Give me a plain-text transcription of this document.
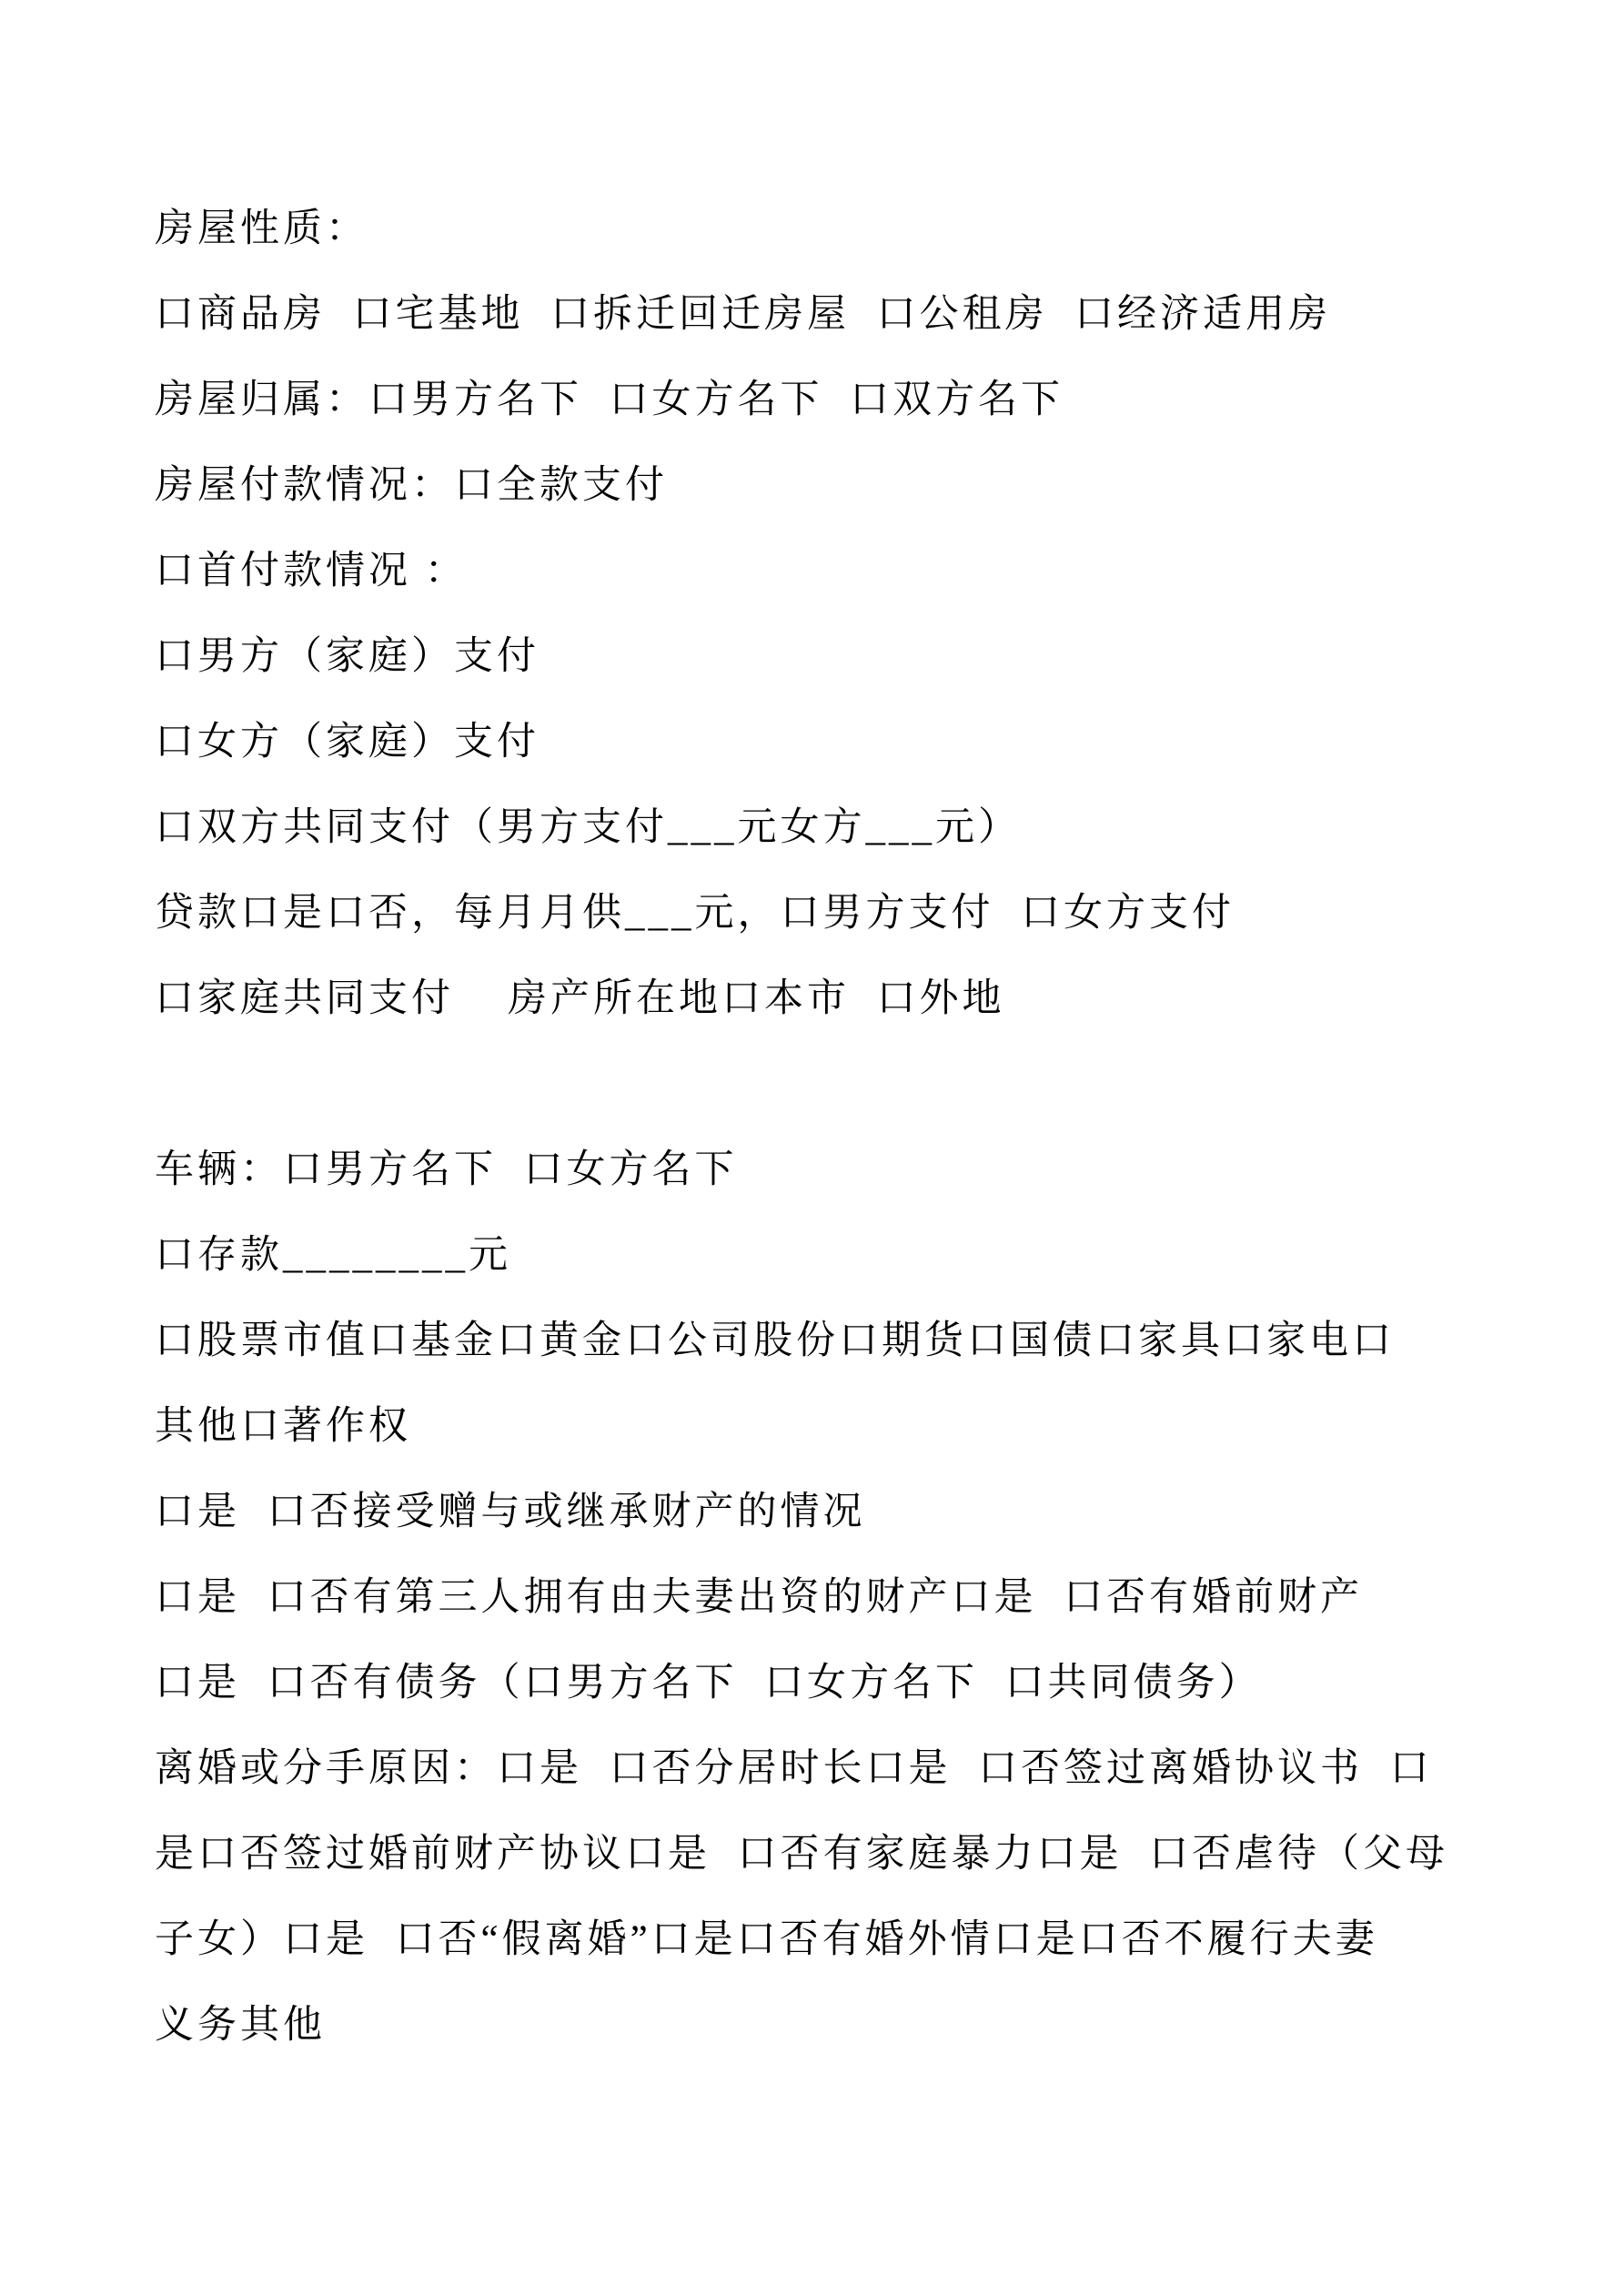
房屋性质：

口商品房  口宅基地  口拆迁回迁房屋  口公租房  口经济适用房

房屋归属：口男方名下  口女方名下  口双方名下

房屋付款情况：口全款支付

口首付款情况 ：

口男方（家庭）支付

口女方（家庭）支付

口双方共同支付（男方支付___元女方___元）

贷款口是口否，每月月供___元，口男方支付  口女方支付

口家庭共同支付    房产所在地口本市  口外地

车辆：口男方名下  口女方名下

口存款________元

口股票市值口基金口黄金口公司股份口期货口国债口家具口家电口

其他口著作权

口是  口否接受赠与或继承财产的情况

口是  口否有第三人拥有由夫妻出资的财产口是  口否有婚前财产

口是  口否有债务（口男方名下  口女方名下  口共同债务）

离婚或分手原因：口是  口否分居时长口是  口否签过离婚协议书  口

是口否签过婚前财产协议口是  口否有家庭暴力口是  口否虐待（父母

子女）口是  口否“假离婚”口是口否有婚外情口是口否不履行夫妻

义务其他
